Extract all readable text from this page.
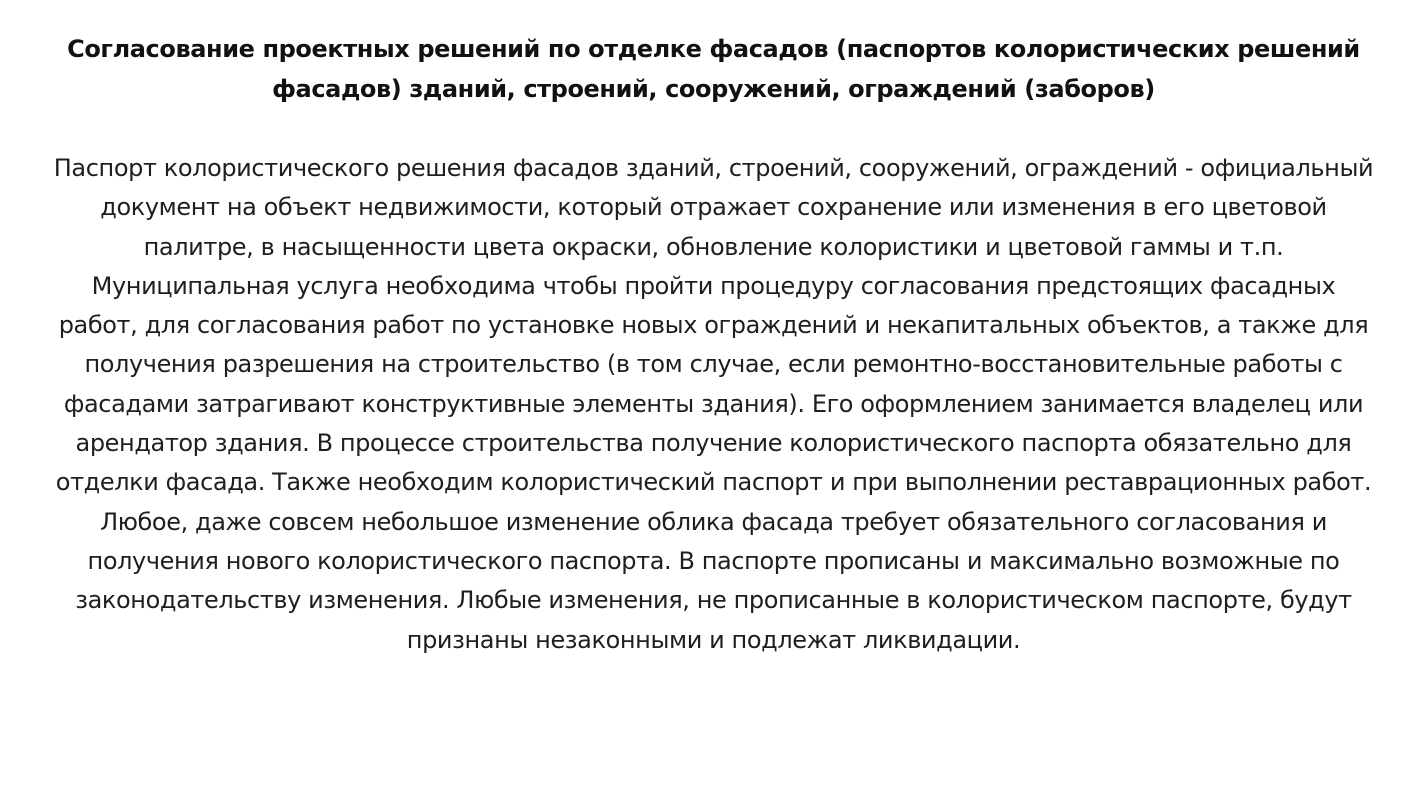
Согласование проектных решений по отделке фасадов (паспортов колористических решений фасадов) зданий, строений, сооружений, ограждений (заборов)

Паспорт колористического решения фасадов зданий, строений, сооружений, ограждений - официальный документ на объект недвижимости, который отражает сохранение или изменения в его цветовой палитре, в насыщенности цвета окраски, обновление колористики и цветовой гаммы и т.п. Муниципальная услуга необходима чтобы пройти процедуру согласования предстоящих фасадных работ, для согласования работ по установке новых ограждений и некапитальных объектов, а также для получения разрешения на строительство (в том случае, если ремонтно-восстановительные работы с фасадами затрагивают конструктивные элементы здания). Его оформлением занимается владелец или арендатор здания. В процессе строительства получение колористического паспорта обязательно для отделки фасада. Также необходим колористический паспорт и при выполнении реставрационных работ. Любое, даже совсем небольшое изменение облика фасада требует обязательного согласования и получения нового колористического паспорта. В паспорте прописаны и максимально возможные по законодательству изменения. Любые изменения, не прописанные в колористическом паспорте, будут признаны незаконными и подлежат ликвидации.
